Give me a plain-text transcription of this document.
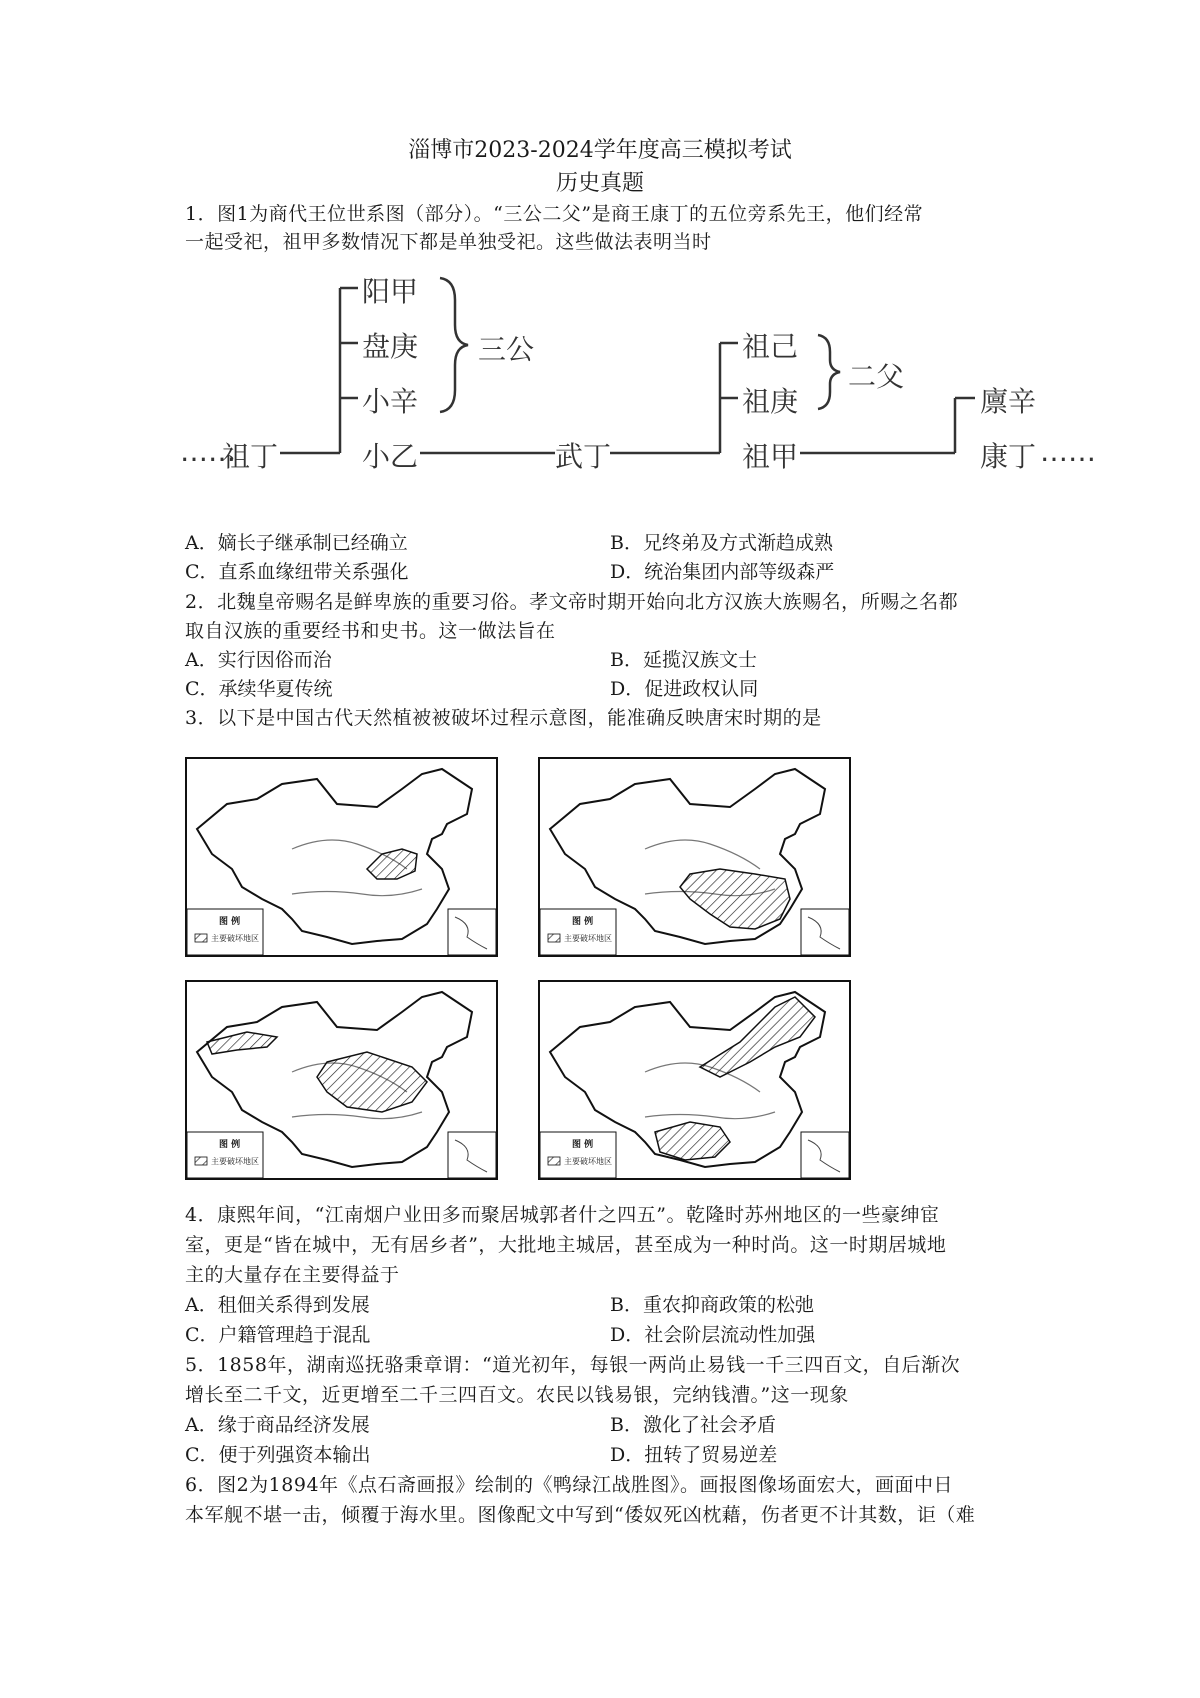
淄博市2023-2024学年度高三模拟考试
历史真题
1．图1为商代王位世系图（部分）。“三公二父”是商王康丁的五位旁系先王，他们经常
一起受祀，祖甲多数情况下都是单独受祀。这些做法表明当时
……
祖丁
阳甲
盘庚
小辛
小乙
三公
武丁
祖己
祖庚
祖甲
二父
廪辛
康丁 ……
A．嫡长子继承制已经确立	B．兄终弟及方式渐趋成熟
C．直系血缘纽带关系强化	D．统治集团内部等级森严
2．北魏皇帝赐名是鲜卑族的重要习俗。孝文帝时期开始向北方汉族大族赐名，所赐之名都
取自汉族的重要经书和史书。这一做法旨在
A．实行因俗而治	B．延揽汉族文士
C．承续华夏传统	D．促进政权认同
3．以下是中国古代天然植被被破坏过程示意图，能准确反映唐宋时期的是
图 例
主要破坏地区
图 例
主要破坏地区
图 例
主要破坏地区
图 例
主要破坏地区
4．康熙年间，“江南烟户业田多而聚居城郭者什之四五”。乾隆时苏州地区的一些豪绅宦
室，更是“皆在城中，无有居乡者”，大批地主城居，甚至成为一种时尚。这一时期居城地
主的大量存在主要得益于
A．租佃关系得到发展	B．重农抑商政策的松弛
C．户籍管理趋于混乱	D．社会阶层流动性加强
5．1858年，湖南巡抚骆秉章谓：“道光初年，每银一两尚止易钱一千三四百文，自后渐次
增长至二千文，近更增至二千三四百文。农民以钱易银，完纳钱漕。”这一现象
A．缘于商品经济发展	B．激化了社会矛盾
C．便于列强资本输出	D．扭转了贸易逆差
6．图2为1894年《点石斋画报》绘制的《鸭绿江战胜图》。画报图像场面宏大，画面中日
本军舰不堪一击，倾覆于海水里。图像配文中写到“倭奴死凶枕藉，伤者更不计其数，讵（难
